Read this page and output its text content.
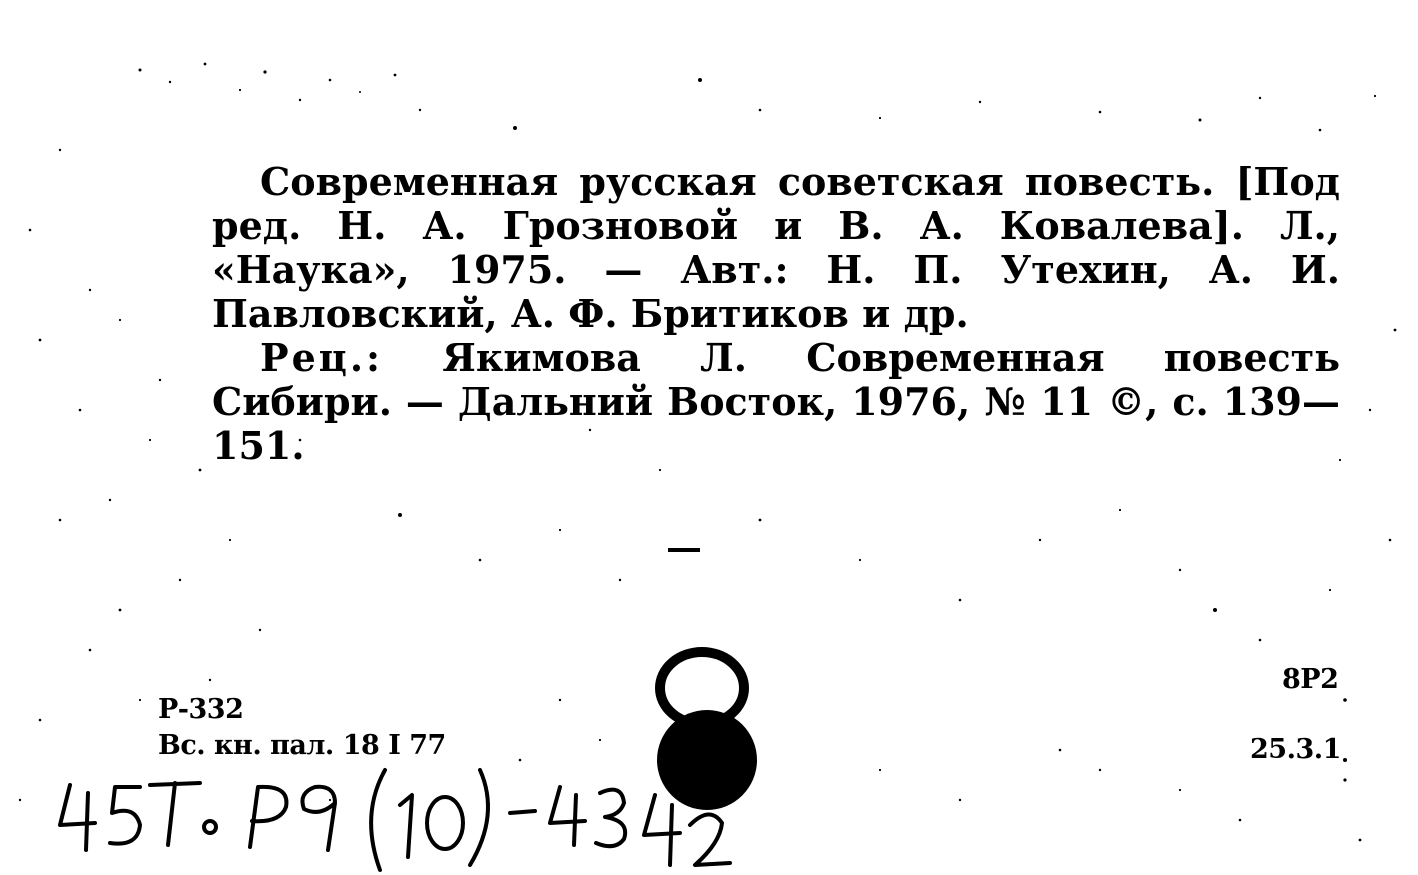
Современная русская советская повесть. [Под ред. Н. А. Грозновой и В. А. Ковалева]. Л., «Наука», 1975. — Авт.: Н. П. Утехин, А. И. Павловский, А. Ф. Бритиков и др.

Рец.: Якимова Л. Современная повесть Сибири. — Дальний Восток, 1976, № 11 ©, с. 139—151.

Р-332
Вс. кн. пал. 18 I 77
8Р2
25.3.1
